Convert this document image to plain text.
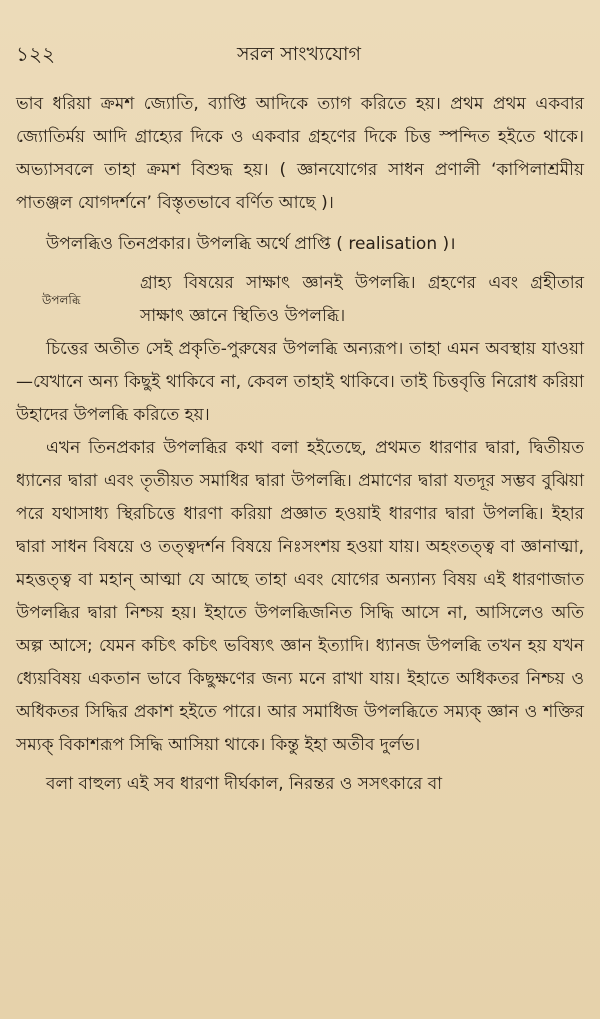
১২২	সরল সাংখ্যযোগ

ভাব ধরিয়া ক্রমশ জ্যোতি, ব্যাপ্তি আদিকে ত্যাগ করিতে হয়। প্রথম প্রথম একবার জ্যোতির্ময় আদি গ্রাহ্যের দিকে ও একবার গ্রহণের দিকে চিত্ত স্পন্দিত হইতে থাকে। অভ্যাসবলে তাহা ক্রমশ বিশুদ্ধ হয়। ( জ্ঞানযোগের সাধন প্রণালী ‘কাপিলাশ্রমীয় পাতঞ্জল যোগদর্শনে’ বিস্তৃতভাবে বর্ণিত আছে )।

উপলব্ধিও তিনপ্রকার। উপলব্ধি অর্থে প্রাপ্তি ( realisation )।

উপলব্ধি

গ্রাহ্য বিষয়ের সাক্ষাৎ জ্ঞানই উপলব্ধি। গ্রহণের এবং গ্রহীতার সাক্ষাৎ জ্ঞানে স্থিতিও উপলব্ধি।

চিত্তের অতীত সেই প্রকৃতি-পুরুষের উপলব্ধি অন্যরূপ। তাহা এমন অবস্থায় যাওয়া—যেখানে অন্য কিছুই থাকিবে না, কেবল তাহাই থাকিবে। তাই চিত্তবৃত্তি নিরোধ করিয়া উহাদের উপলব্ধি করিতে হয়।

এখন তিনপ্রকার উপলব্ধির কথা বলা হইতেছে, প্রথমত ধারণার দ্বারা, দ্বিতীয়ত ধ্যানের দ্বারা এবং তৃতীয়ত সমাধির দ্বারা উপলব্ধি। প্রমাণের দ্বারা যতদূর সম্ভব বুঝিয়া পরে যথাসাধ্য স্থিরচিত্তে ধারণা করিয়া প্রজ্ঞাত হওয়াই ধারণার দ্বারা উপলব্ধি। ইহার দ্বারা সাধন বিষয়ে ও তত্ত্বদর্শন বিষয়ে নিঃসংশয় হওয়া যায়। অহংতত্ত্ব বা জ্ঞানাত্মা, মহত্তত্ত্ব বা মহান্‌ আত্মা যে আছে তাহা এবং যোগের অন্যান্য বিষয় এই ধারণাজাত উপলব্ধির দ্বারা নিশ্চয় হয়। ইহাতে উপলব্ধিজনিত সিদ্ধি আসে না, আসিলেও অতি অল্প আসে; যেমন কচিৎ কচিৎ ভবিষ্যৎ জ্ঞান ইত্যাদি। ধ্যানজ উপলব্ধি তখন হয় যখন ধ্যেয়বিষয় একতান ভাবে কিছুক্ষণের জন্য মনে রাখা যায়। ইহাতে অধিকতর নিশ্চয় ও অধিকতর সিদ্ধির প্রকাশ হইতে পারে। আর সমাধিজ উপলব্ধিতে সম্যক্‌ জ্ঞান ও শক্তির সম্যক্‌ বিকাশরূপ সিদ্ধি আসিয়া থাকে। কিন্তু ইহা অতীব দুর্লভ।

বলা বাহুল্য এই সব ধারণা দীর্ঘকাল, নিরন্তর ও সসৎকারে বা
